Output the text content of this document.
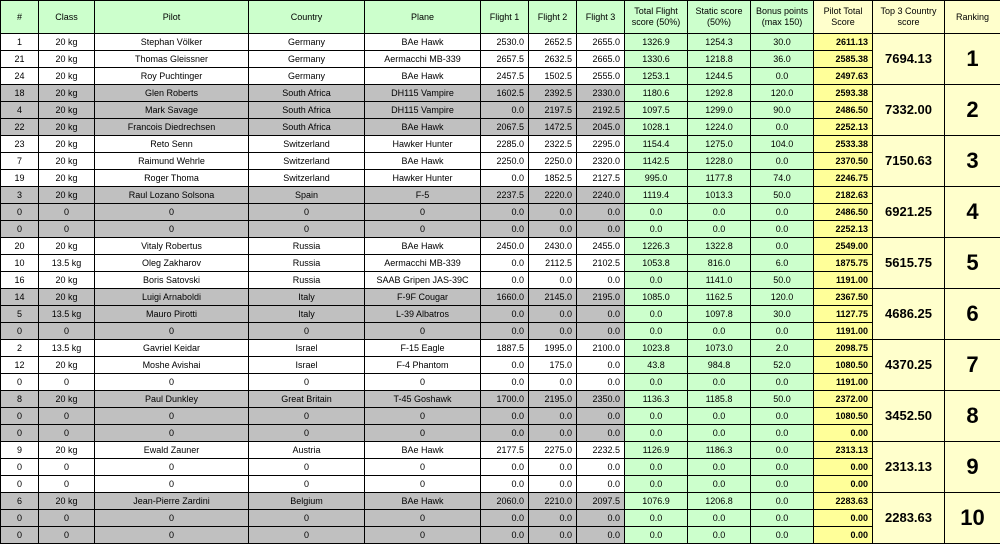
#	Class	Pilot	Country	Plane	Flight 1	Flight 2	Flight 3	Total Flight score (50%)	Static score (50%)	Bonus points (max 150)	Pilot Total Score	Top 3 Country score	Ranking
1	20 kg	Stephan Völker	Germany	BAe Hawk	2530.0	2652.5	2655.0	1326.9	1254.3	30.0	2611.13	7694.13	1
21	20 kg	Thomas Gleissner	Germany	Aermacchi MB-339	2657.5	2632.5	2665.0	1330.6	1218.8	36.0	2585.38		
24	20 kg	Roy Puchtinger	Germany	BAe Hawk	2457.5	1502.5	2555.0	1253.1	1244.5	0.0	2497.63		
18	20 kg	Glen Roberts	South Africa	DH115 Vampire	1602.5	2392.5	2330.0	1180.6	1292.8	120.0	2593.38	7332.00	2
4	20 kg	Mark Savage	South Africa	DH115 Vampire	0.0	2197.5	2192.5	1097.5	1299.0	90.0	2486.50		
22	20 kg	Francois Diedrechsen	South Africa	BAe Hawk	2067.5	1472.5	2045.0	1028.1	1224.0	0.0	2252.13		
23	20 kg	Reto Senn	Switzerland	Hawker Hunter	2285.0	2322.5	2295.0	1154.4	1275.0	104.0	2533.38	7150.63	3
7	20 kg	Raimund Wehrle	Switzerland	BAe Hawk	2250.0	2250.0	2320.0	1142.5	1228.0	0.0	2370.50		
19	20 kg	Roger Thoma	Switzerland	Hawker Hunter	0.0	1852.5	2127.5	995.0	1177.8	74.0	2246.75		
3	20 kg	Raul Lozano Solsona	Spain	F-5	2237.5	2220.0	2240.0	1119.4	1013.3	50.0	2182.63	6921.25	4
0	0	0	0	0	0.0	0.0	0.0	0.0	0.0	0.0	2486.50		
0	0	0	0	0	0.0	0.0	0.0	0.0	0.0	0.0	2252.13		
20	20 kg	Vitaly Robertus	Russia	BAe Hawk	2450.0	2430.0	2455.0	1226.3	1322.8	0.0	2549.00	5615.75	5
10	13.5 kg	Oleg Zakharov	Russia	Aermacchi MB-339	0.0	2112.5	2102.5	1053.8	816.0	6.0	1875.75		
16	20 kg	Boris Satovski	Russia	SAAB Gripen JAS-39C	0.0	0.0	0.0	0.0	1141.0	50.0	1191.00		
14	20 kg	Luigi Arnaboldi	Italy	F-9F Cougar	1660.0	2145.0	2195.0	1085.0	1162.5	120.0	2367.50	4686.25	6
5	13.5 kg	Mauro Pirotti	Italy	L-39 Albatros	0.0	0.0	0.0	0.0	1097.8	30.0	1127.75		
0	0	0	0	0	0.0	0.0	0.0	0.0	0.0	0.0	1191.00		
2	13.5 kg	Gavriel Keidar	Israel	F-15 Eagle	1887.5	1995.0	2100.0	1023.8	1073.0	2.0	2098.75	4370.25	7
12	20 kg	Moshe Avishai	Israel	F-4 Phantom	0.0	175.0	0.0	43.8	984.8	52.0	1080.50		
0	0	0	0	0	0.0	0.0	0.0	0.0	0.0	0.0	1191.00		
8	20 kg	Paul Dunkley	Great Britain	T-45 Goshawk	1700.0	2195.0	2350.0	1136.3	1185.8	50.0	2372.00	3452.50	8
0	0	0	0	0	0.0	0.0	0.0	0.0	0.0	0.0	1080.50		
0	0	0	0	0	0.0	0.0	0.0	0.0	0.0	0.0	0.00		
9	20 kg	Ewald Zauner	Austria	BAe Hawk	2177.5	2275.0	2232.5	1126.9	1186.3	0.0	2313.13	2313.13	9
0	0	0	0	0	0.0	0.0	0.0	0.0	0.0	0.0	0.00		
0	0	0	0	0	0.0	0.0	0.0	0.0	0.0	0.0	0.00		
6	20 kg	Jean-Pierre Zardini	Belgium	BAe Hawk	2060.0	2210.0	2097.5	1076.9	1206.8	0.0	2283.63	2283.63	10
0	0	0	0	0	0.0	0.0	0.0	0.0	0.0	0.0	0.00		
0	0	0	0	0	0.0	0.0	0.0	0.0	0.0	0.0	0.00		
